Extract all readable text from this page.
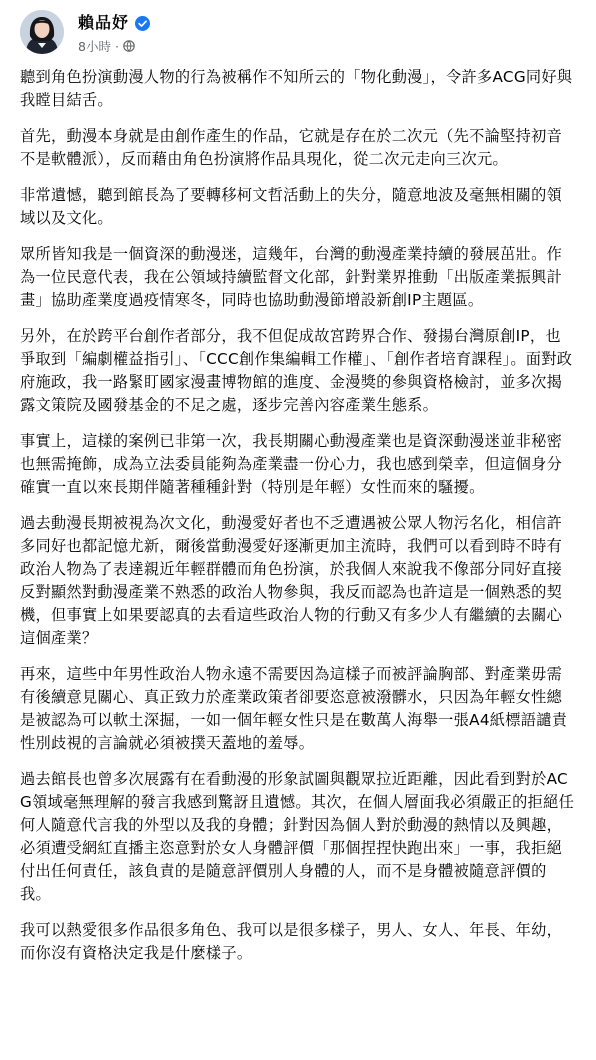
賴品妤
8小時 ·

聽到角色扮演動漫人物的行為被稱作不知所云的「物化動漫」，令許多ACG同好與我瞠目結舌。

首先，動漫本身就是由創作產生的作品，它就是存在於二次元（先不論堅持初音不是軟體派），反而藉由角色扮演將作品具現化，從二次元走向三次元。

非常遺憾，聽到館長為了要轉移柯文哲活動上的失分，隨意地波及毫無相關的領域以及文化。

眾所皆知我是一個資深的動漫迷，這幾年，台灣的動漫產業持續的發展茁壯。作為一位民意代表，我在公領域持續監督文化部，針對業界推動「出版產業振興計畫」協助產業度過疫情寒冬，同時也協助動漫節增設新創IP主題區。

另外，在於跨平台創作者部分，我不但促成故宮跨界合作、發揚台灣原創IP，也爭取到「編劇權益指引」、「CCC創作集編輯工作權」、「創作者培育課程」。面對政府施政，我一路緊盯國家漫畫博物館的進度、金漫獎的參與資格檢討，並多次揭露文策院及國發基金的不足之處，逐步完善內容產業生態系。

事實上，這樣的案例已非第一次，我長期關心動漫產業也是資深動漫迷並非秘密也無需掩飾，成為立法委員能夠為產業盡一份心力，我也感到榮幸，但這個身分確實一直以來長期伴隨著種種針對（特別是年輕）女性而來的騷擾。

過去動漫長期被視為次文化，動漫愛好者也不乏遭遇被公眾人物污名化，相信許多同好也都記憶尤新，爾後當動漫愛好逐漸更加主流時，我們可以看到時不時有政治人物為了表達親近年輕群體而角色扮演，於我個人來說我不像部分同好直接反對顯然對動漫產業不熟悉的政治人物參與，我反而認為也許這是一個熟悉的契機，但事實上如果要認真的去看這些政治人物的行動又有多少人有繼續的去關心這個產業？

再來，這些中年男性政治人物永遠不需要因為這樣子而被評論胸部、對產業毋需有後續意見關心、真正致力於產業政策者卻要恣意被潑髒水，只因為年輕女性總是被認為可以軟土深掘，一如一個年輕女性只是在數萬人海舉一張A4紙標語譴責性別歧視的言論就必須被撲天蓋地的羞辱。

過去館長也曾多次展露有在看動漫的形象試圖與觀眾拉近距離，因此看到對於ACG領域毫無理解的發言我感到驚訝且遺憾。其次，在個人層面我必須嚴正的拒絕任何人隨意代言我的外型以及我的身體；針對因為個人對於動漫的熱情以及興趣，必須遭受網紅直播主恣意對於女人身體評價「那個捏捏快跑出來」一事，我拒絕付出任何責任，該負責的是隨意評價別人身體的人，而不是身體被隨意評價的我。

我可以熱愛很多作品很多角色、我可以是很多樣子，男人、女人、年長、年幼，而你沒有資格決定我是什麼樣子。
